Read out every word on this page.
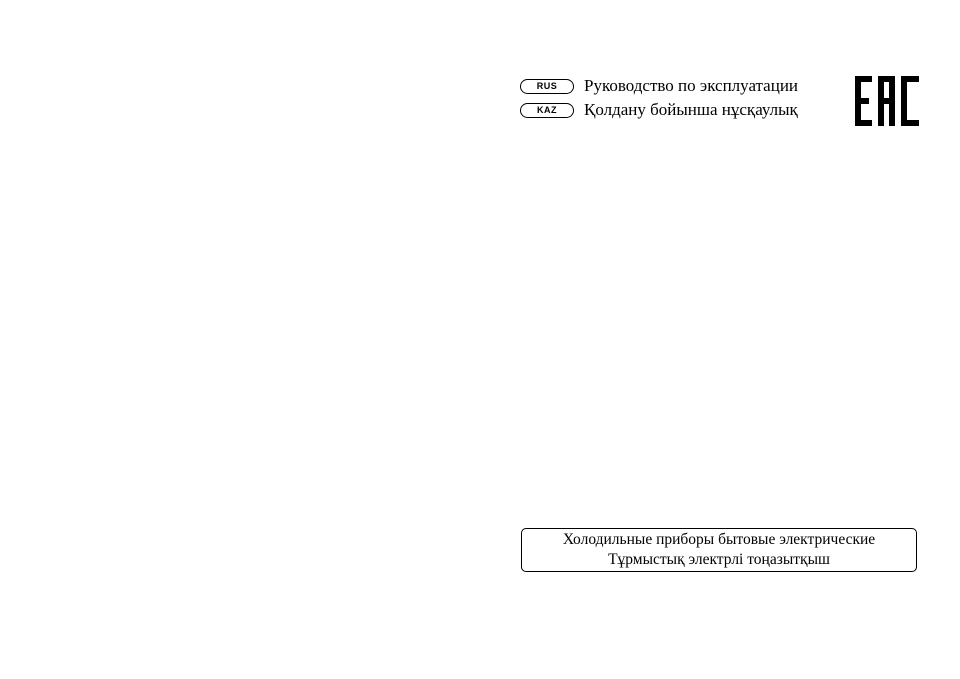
RUS	Руководство по эксплуатации
KAZ	Қолдану бойынша нұсқаулық
Холодильные приборы бытовые электрические
Тұрмыстық электрлі тоңазытқыш
